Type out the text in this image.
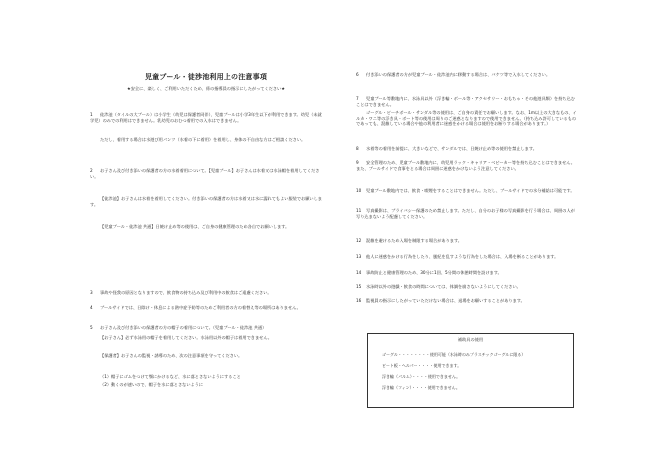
児童プール・徒渉池利用上の注意事項
★安全に、楽しく、ご利用いただくため、係の指導員の指示にしたがってください★
1 徒渉池（タイルの大プール）は小学生（幼児は保護者同伴）、児童プールは小学3年生以下が利用できます。幼児（未就学児）のみでの利用はできません。乳幼児のおむつ着用での入水はできません。
ただし、着用する場合は水遊び用パンツ（水着の下に着用）を着用し、身体の不自由な方はご相談ください。
2 お子さん及び付き添いの保護者の方の水着着用について。【児童プール】お子さんは水着又は水泳帽を着用してください。
【徒渉池】お子さんは水着を着用してください。付き添いの保護者の方は水着又は水に濡れてもよい服装でお願いします。
【児童プール・徒渉池 共通】日焼け止め等の使用は、ご自身の健康管理のため各自でお願いします。
3 事故や怪我の原因となりますので、飲食物の持ち込み及び利用中の飲食はご遠慮ください。
4 プールサイドでは、日除け・休息による熱中症予防等のためご利用者の方の着替え等の場所はありません。
5 お子さん及び付き添いの保護者の方の帽子の着用について。（児童プール・徒渉池 共通）
【お子さん】必ず水泳用の帽子を着用してください。水泳用以外の帽子は着用できません。
【保護者】お子さんの監視・誘導のため、次の注意事項を守ってください。
（1）帽子にゴムをつけて顎にかけるなど、水に落とさないようにすること
（2）動くのが速いので、帽子を水に落とさないように
6 付き添いの保護者の方が児童プール・徒渉池内に移動する場合は、バケツ等で入水してください。
7 児童プール等敷地内に、水泳具以外（浮き輪・ボール等・アクセサリー・おもちゃ・その他遊具類）を持ち込むことはできません。
ゴーグル・ビーチボール・サンダル等の使用は、ご自身の責任でお願いします。なお、1m以上の大きなもの、イルカ・ワニ等の浮き具・ボート等の使用は周りのご迷惑となりますので使用できません。（持ち込み許可しているものであっても、混雑している場合や他の利用者に迷惑をかける場合は使用をお断りする場合があります。）
8 水着等の着用を前提に、大きいなどで、サンダルでは、日焼け止め等の使用を禁止します。
9 安全管理のため、児童プール敷地内に、幼児用ラック・キャリア・ベビーカー等を持ち込むことはできません。また、プールサイドで食事をとる場合は周囲に迷惑をかけないよう注意してください。
10 児童プール敷地内では、飲食・喫煙をすることはできません。ただし、プールサイドでの水分補給は可能です。
11 写真撮影は、プライバシー保護のため禁止します。ただし、自分のお子様の写真撮影を行う場合は、周囲の人が写り込まないよう配慮してください。
12 混雑を避けるため入場を制限する場合があります。
13 他人に迷惑をかける行為をしたり、風紀を乱すような行為をした場合は、入場を断ることがあります。
14 事故防止と健康管理のため、30分に1回、5分間の休憩時間を設けます。
15 水泳時以外の遊戯・飲食の時間については、体調を崩さないようにしてください。
16 監視員の指示にしたがっていただけない場合は、退場をお願いすることがあります。
補助具の使用
ゴーグル・・・・・・・・使用可能（水泳時のみプラスチックゴーグルに限る）
ビート板・ヘルパー・・・・使用できます。
浮き輪（パルム）・・・・使用できません。
浮き輪（フィン）・・・・使用できません。
